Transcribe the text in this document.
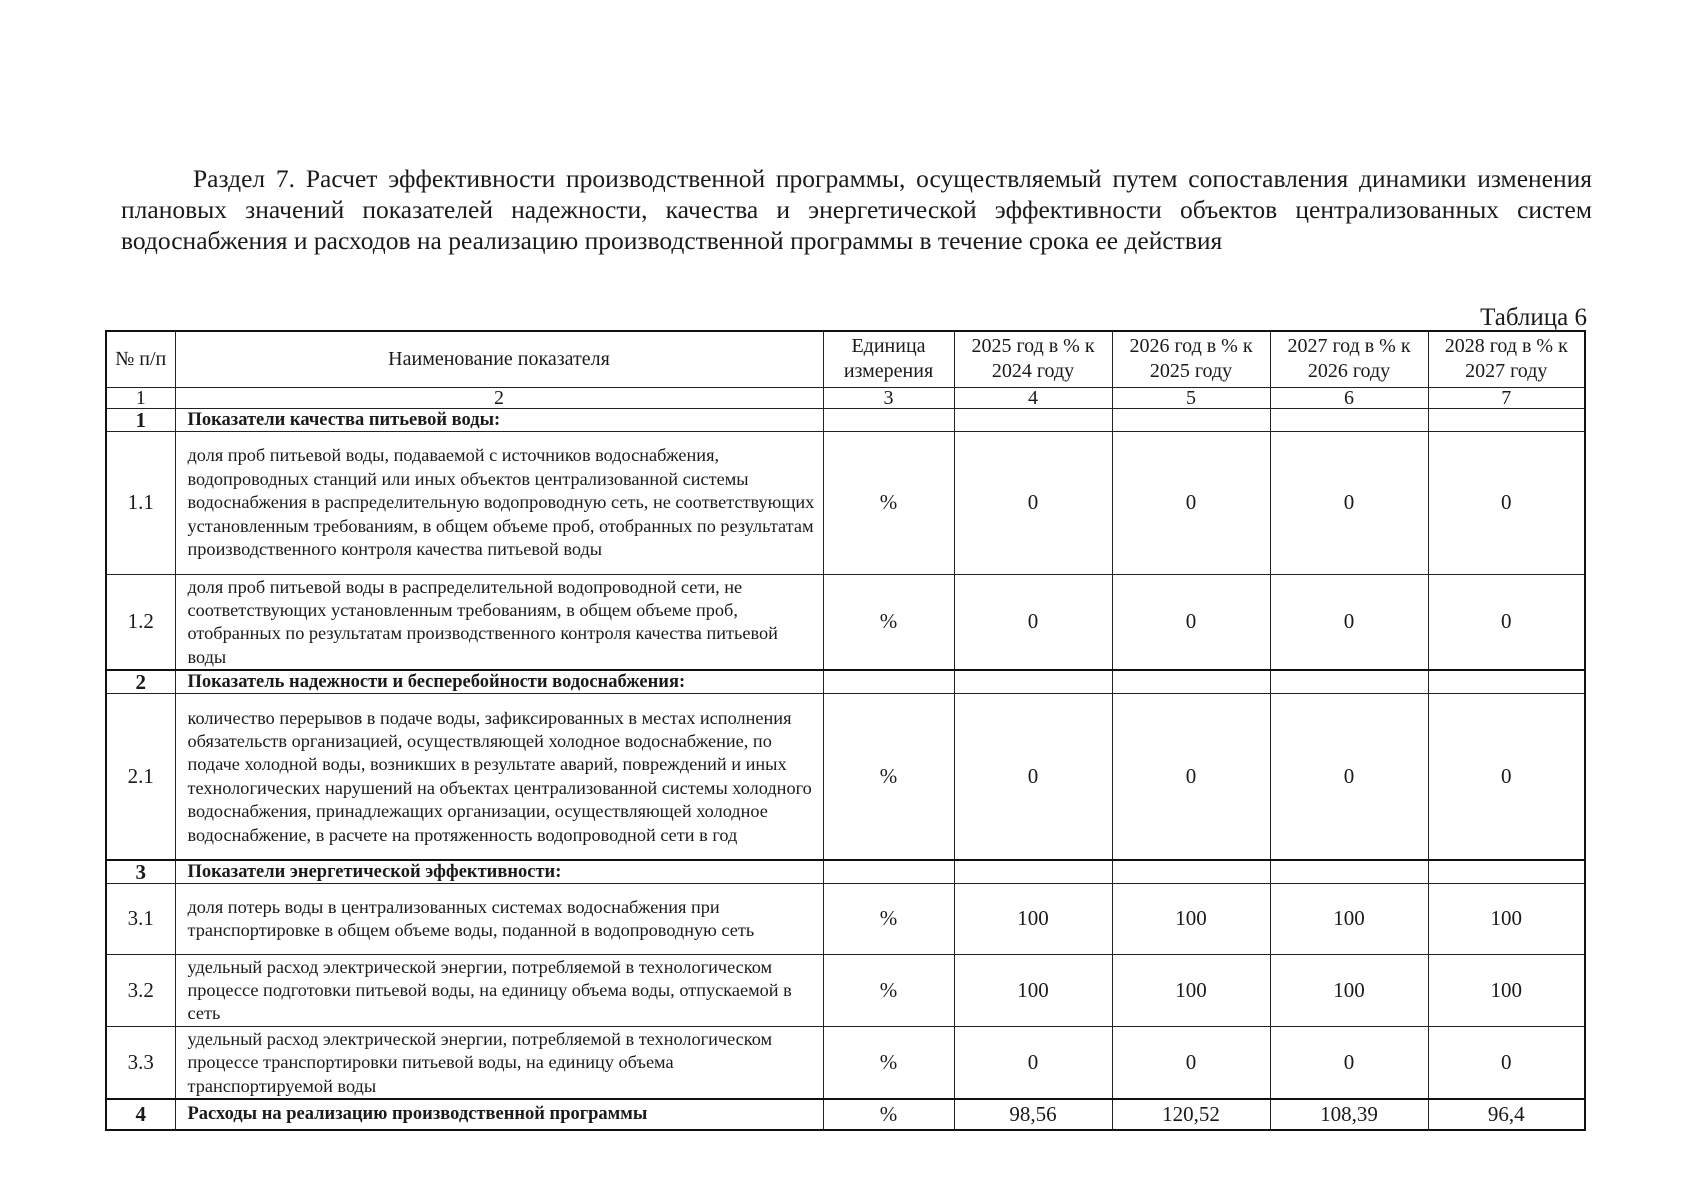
Раздел 7. Расчет эффективности производственной программы, осуществляемый путем сопоставления динамики изменения плановых значений показателей надежности, качества и энергетической эффективности объектов централизованных систем водоснабжения и расходов на реализацию производственной программы в течение срока ее действия

Таблица 6
№ п/п	Наименование показателя	Единица измерения	2025 год в % к 2024 году	2026 год в % к 2025 году	2027 год в % к 2026 году	2028 год в % к 2027 году
1	2	3	4	5	6	7
1	Показатели качества питьевой воды:					
1.1	доля проб питьевой воды, подаваемой с источников водоснабжения, водопроводных станций или иных объектов централизованной системы водоснабжения в распределительную водопроводную сеть, не соответствующих установленным требованиям, в общем объеме проб, отобранных по результатам производственного контроля качества питьевой воды	%	0	0	0	0
1.2	доля проб питьевой воды в распределительной водопроводной сети, не соответствующих установленным требованиям, в общем объеме проб, отобранных по результатам производственного контроля качества питьевой воды	%	0	0	0	0
2	Показатель надежности и бесперебойности водоснабжения:					
2.1	количество перерывов в подаче воды, зафиксированных в местах исполнения обязательств организацией, осуществляющей холодное водоснабжение, по подаче холодной воды, возникших в результате аварий, повреждений и иных технологических нарушений на объектах централизованной системы холодного водоснабжения, принадлежащих организации, осуществляющей холодное водоснабжение, в расчете на протяженность водопроводной сети в год	%	0	0	0	0
3	Показатели энергетической эффективности:					
3.1	доля потерь воды в централизованных системах водоснабжения при транспортировке в общем объеме воды, поданной в водопроводную сеть	%	100	100	100	100
3.2	удельный расход электрической энергии, потребляемой в технологическом процессе подготовки питьевой воды, на единицу объема воды, отпускаемой в сеть	%	100	100	100	100
3.3	удельный расход электрической энергии, потребляемой в технологическом процессе транспортировки питьевой воды, на единицу объема транспортируемой воды	%	0	0	0	0
4	Расходы на реализацию производственной программы	%	98,56	120,52	108,39	96,4
